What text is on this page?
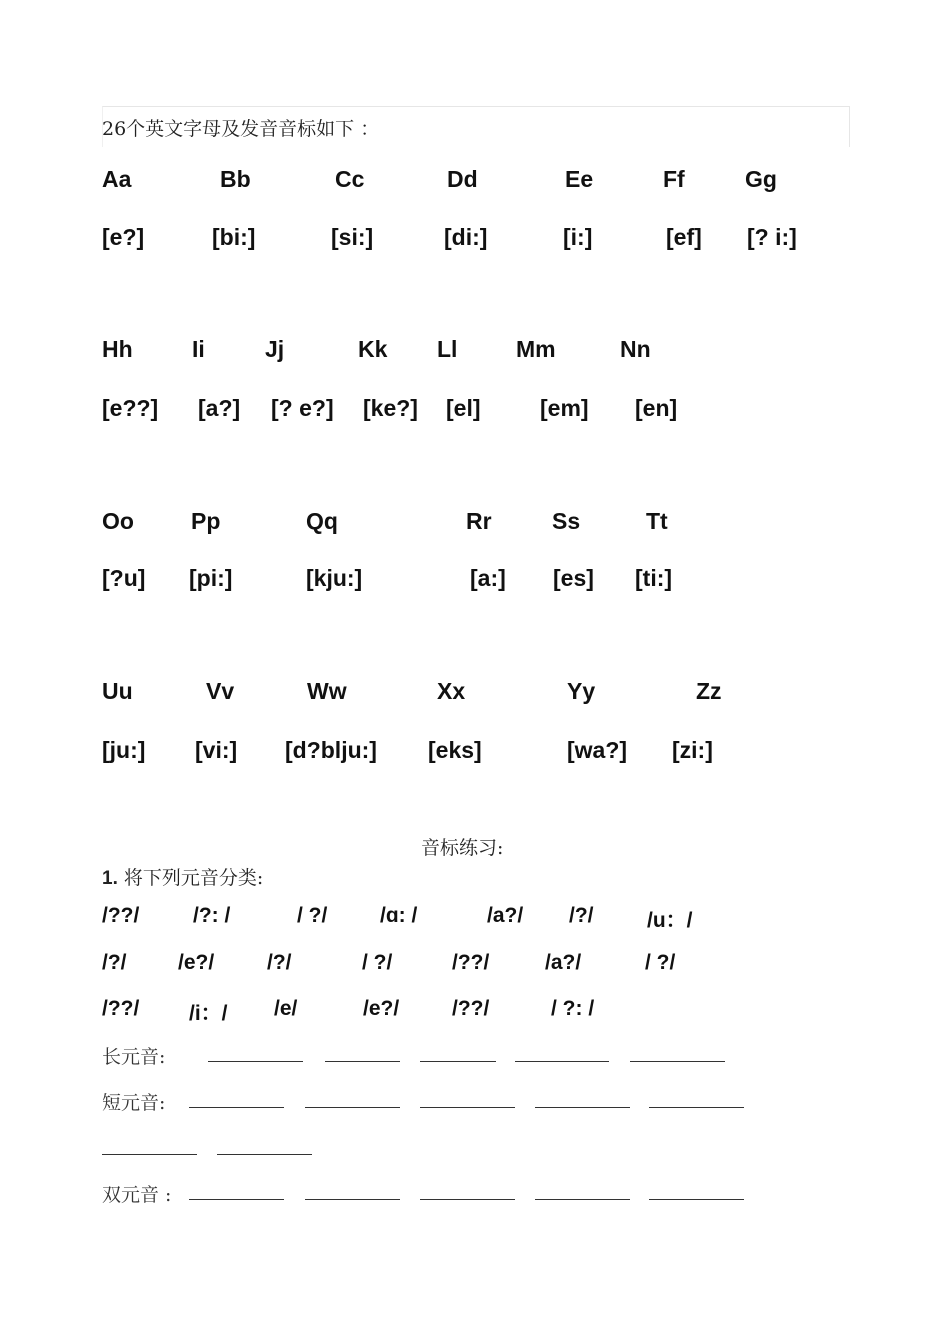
26个英文字母及发音音标如下 ：
Aa	Bb	Cc	Dd	Ee	Ff	Gg
[e?]	[bi:]	[si:]	[di:]	[i:]	[ef] [? i:]
Hh	Ii	Jj	Kk Ll	Mm	Nn
[e??] [a?] [? e?] [ke?] [el]	[em] [en]
Oo Pp	Qq	Rr	Ss	Tt
[?u] [pi:]	[kju:]	[a:] [es] [ti:]
Uu	Vv	Ww	Xx	Yy	Zz
[ju:] [vi:] [d?blju:] [eks]	[wa?] [zi:]
音标练习:
1. 将下列元音分类:
/??/	/?: /	/ ?/	/ɑ: /	/a?/ /?/	/u：/
/?/ /e?/	/?/	/ ?/	/??/	/a?/	/ ?/
/??/ /i：/ /e/	/e?/	/??/	/ ?: /
长元音:
短元音:
双元音 :
